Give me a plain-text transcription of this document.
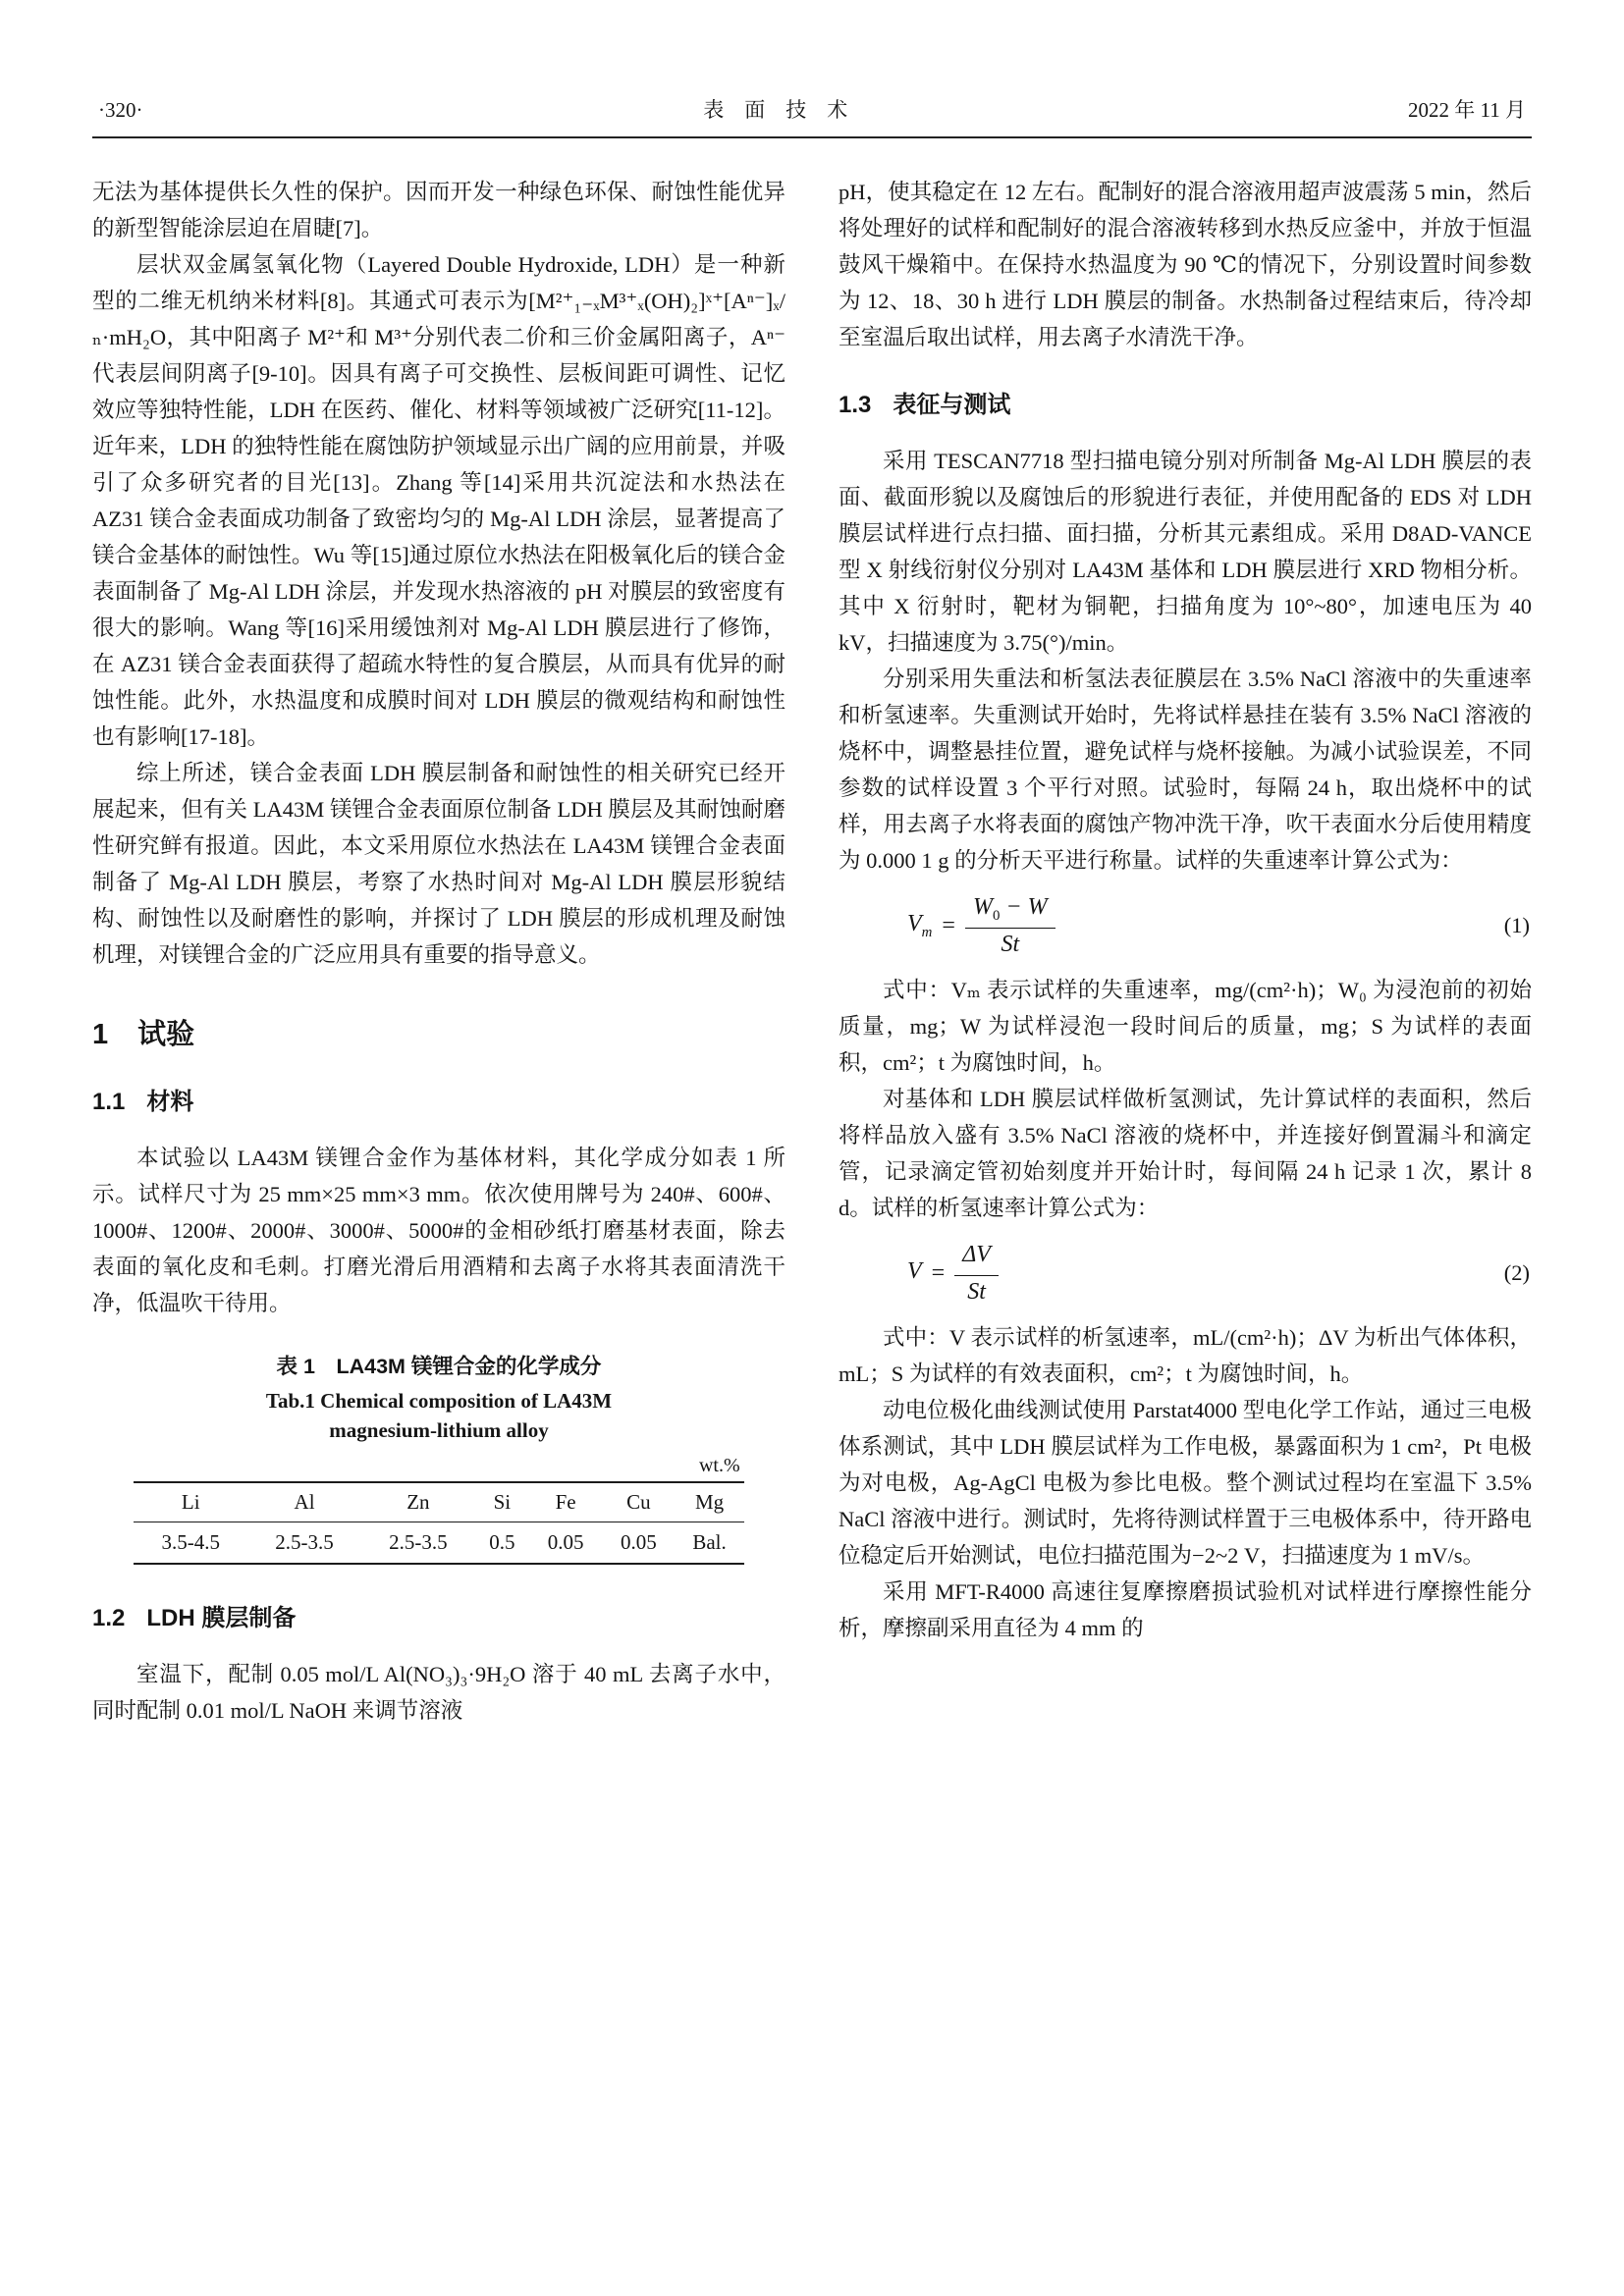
·320·	表　面　技　术	2022 年 11 月

无法为基体提供长久性的保护。因而开发一种绿色环保、耐蚀性能优异的新型智能涂层迫在眉睫[7]。

层状双金属氢氧化物（Layered Double Hydroxide, LDH）是一种新型的二维无机纳米材料[8]。其通式可表示为[M²⁺₁₋ₓM³⁺ₓ(OH)₂]ˣ⁺[Aⁿ⁻]ₓ/ₙ·mH₂O，其中阳离子 M²⁺和 M³⁺分别代表二价和三价金属阳离子，Aⁿ⁻代表层间阴离子[9-10]。因具有离子可交换性、层板间距可调性、记忆效应等独特性能，LDH 在医药、催化、材料等领域被广泛研究[11-12]。近年来，LDH 的独特性能在腐蚀防护领域显示出广阔的应用前景，并吸引了众多研究者的目光[13]。Zhang 等[14]采用共沉淀法和水热法在 AZ31 镁合金表面成功制备了致密均匀的 Mg-Al LDH 涂层，显著提高了镁合金基体的耐蚀性。Wu 等[15]通过原位水热法在阳极氧化后的镁合金表面制备了 Mg-Al LDH 涂层，并发现水热溶液的 pH 对膜层的致密度有很大的影响。Wang 等[16]采用缓蚀剂对 Mg-Al LDH 膜层进行了修饰，在 AZ31 镁合金表面获得了超疏水特性的复合膜层，从而具有优异的耐蚀性能。此外，水热温度和成膜时间对 LDH 膜层的微观结构和耐蚀性也有影响[17-18]。

综上所述，镁合金表面 LDH 膜层制备和耐蚀性的相关研究已经开展起来，但有关 LA43M 镁锂合金表面原位制备 LDH 膜层及其耐蚀耐磨性研究鲜有报道。因此，本文采用原位水热法在 LA43M 镁锂合金表面制备了 Mg-Al LDH 膜层，考察了水热时间对 Mg-Al LDH 膜层形貌结构、耐蚀性以及耐磨性的影响，并探讨了 LDH 膜层的形成机理及耐蚀机理，对镁锂合金的广泛应用具有重要的指导意义。

1 试验
1.1 材料

本试验以 LA43M 镁锂合金作为基体材料，其化学成分如表 1 所示。试样尺寸为 25 mm×25 mm×3 mm。依次使用牌号为 240#、600#、1000#、1200#、2000#、3000#、5000#的金相砂纸打磨基材表面，除去表面的氧化皮和毛刺。打磨光滑后用酒精和去离子水将其表面清洗干净，低温吹干待用。

表 1　LA43M 镁锂合金的化学成分
Tab.1 Chemical composition of LA43M
magnesium-lithium alloy
wt.%
Li	Al	Zn	Si	Fe	Cu	Mg
3.5-4.5	2.5-3.5	2.5-3.5	0.5	0.05	0.05	Bal.
1.2 LDH 膜层制备

室温下，配制 0.05 mol/L Al(NO₃)₃·9H₂O 溶于 40 mL 去离子水中，同时配制 0.01 mol/L NaOH 来调节溶液

pH，使其稳定在 12 左右。配制好的混合溶液用超声波震荡 5 min，然后将处理好的试样和配制好的混合溶液转移到水热反应釜中，并放于恒温鼓风干燥箱中。在保持水热温度为 90 ℃的情况下，分别设置时间参数为 12、18、30 h 进行 LDH 膜层的制备。水热制备过程结束后，待冷却至室温后取出试样，用去离子水清洗干净。

1.3 表征与测试

采用 TESCAN7718 型扫描电镜分别对所制备 Mg-Al LDH 膜层的表面、截面形貌以及腐蚀后的形貌进行表征，并使用配备的 EDS 对 LDH 膜层试样进行点扫描、面扫描，分析其元素组成。采用 D8AD-VANCE 型 X 射线衍射仪分别对 LA43M 基体和 LDH 膜层进行 XRD 物相分析。其中 X 衍射时，靶材为铜靶，扫描角度为 10°~80°，加速电压为 40 kV，扫描速度为 3.75(°)/min。

分别采用失重法和析氢法表征膜层在 3.5% NaCl 溶液中的失重速率和析氢速率。失重测试开始时，先将试样悬挂在装有 3.5% NaCl 溶液的烧杯中，调整悬挂位置，避免试样与烧杯接触。为减小试验误差，不同参数的试样设置 3 个平行对照。试验时，每隔 24 h，取出烧杯中的试样，用去离子水将表面的腐蚀产物冲洗干净，吹干表面水分后使用精度为 0.000 1 g 的分析天平进行称量。试样的失重速率计算公式为：

$V_m = \frac{W_0 - W}{St}$	(1)

式中：Vₘ 表示试样的失重速率，mg/(cm²·h)；W₀ 为浸泡前的初始质量，mg；W 为试样浸泡一段时间后的质量，mg；S 为试样的表面积，cm²；t 为腐蚀时间，h。

对基体和 LDH 膜层试样做析氢测试，先计算试样的表面积，然后将样品放入盛有 3.5% NaCl 溶液的烧杯中，并连接好倒置漏斗和滴定管，记录滴定管初始刻度并开始计时，每间隔 24 h 记录 1 次，累计 8 d。试样的析氢速率计算公式为：

$V = \frac{\Delta V}{St}$	(2)

式中：V 表示试样的析氢速率，mL/(cm²·h)；ΔV 为析出气体体积，mL；S 为试样的有效表面积，cm²；t 为腐蚀时间，h。

动电位极化曲线测试使用 Parstat4000 型电化学工作站，通过三电极体系测试，其中 LDH 膜层试样为工作电极，暴露面积为 1 cm²，Pt 电极为对电极，Ag-AgCl 电极为参比电极。整个测试过程均在室温下 3.5% NaCl 溶液中进行。测试时，先将待测试样置于三电极体系中，待开路电位稳定后开始测试，电位扫描范围为−2~2 V，扫描速度为 1 mV/s。

采用 MFT-R4000 高速往复摩擦磨损试验机对试样进行摩擦性能分析，摩擦副采用直径为 4 mm 的
